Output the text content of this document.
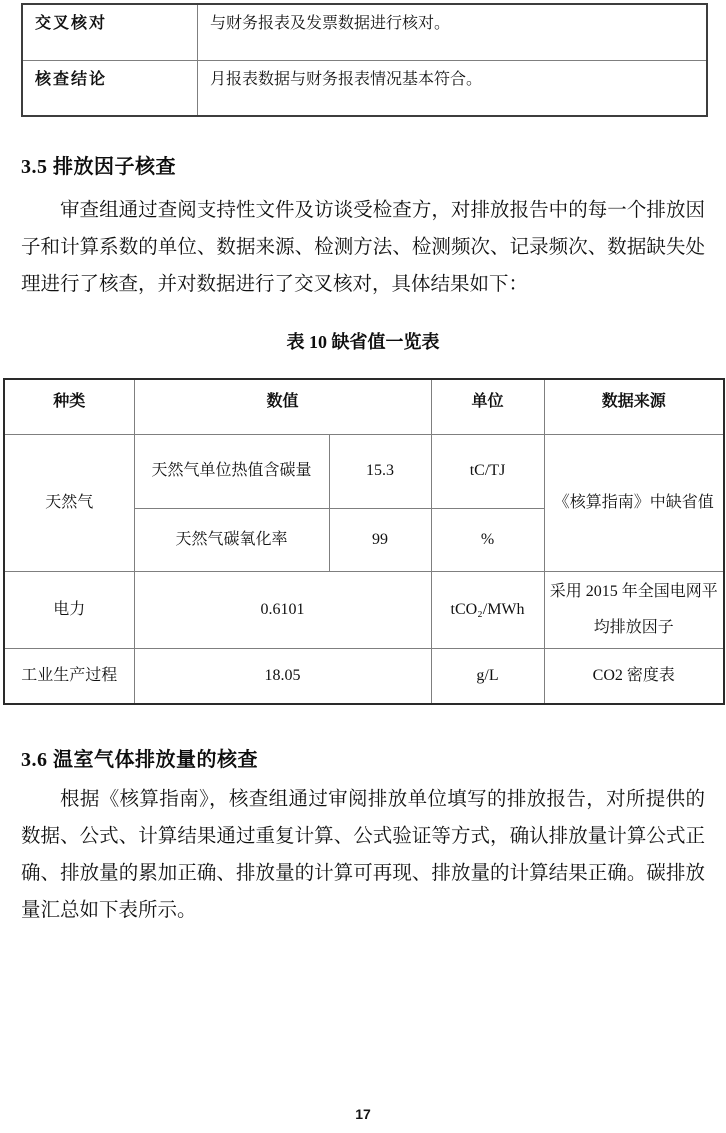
交叉核对	与财务报表及发票数据进行核对。
核查结论	月报表数据与财务报表情况基本符合。
3.5 排放因子核查

审查组通过查阅支持性文件及访谈受检查方，对排放报告中的每一个排放因子和计算系数的单位、数据来源、检测方法、检测频次、记录频次、数据缺失处理进行了核查，并对数据进行了交叉核对，具体结果如下：

表 10 缺省值一览表

种类	数值		单位	数据来源
天然气	天然气单位热值含碳量	15.3	tC/TJ	《核算指南》中缺省值
	天然气碳氧化率	99	%	
电力	0.6101		tCO₂/MWh	采用 2015 年全国电网平均排放因子
工业生产过程	18.05		g/L	CO2 密度表
3.6 温室气体排放量的核查

根据《核算指南》，核查组通过审阅排放单位填写的排放报告，对所提供的数据、公式、计算结果通过重复计算、公式验证等方式，确认排放量计算公式正确、排放量的累加正确、排放量的计算可再现、排放量的计算结果正确。碳排放量汇总如下表所示。

17
